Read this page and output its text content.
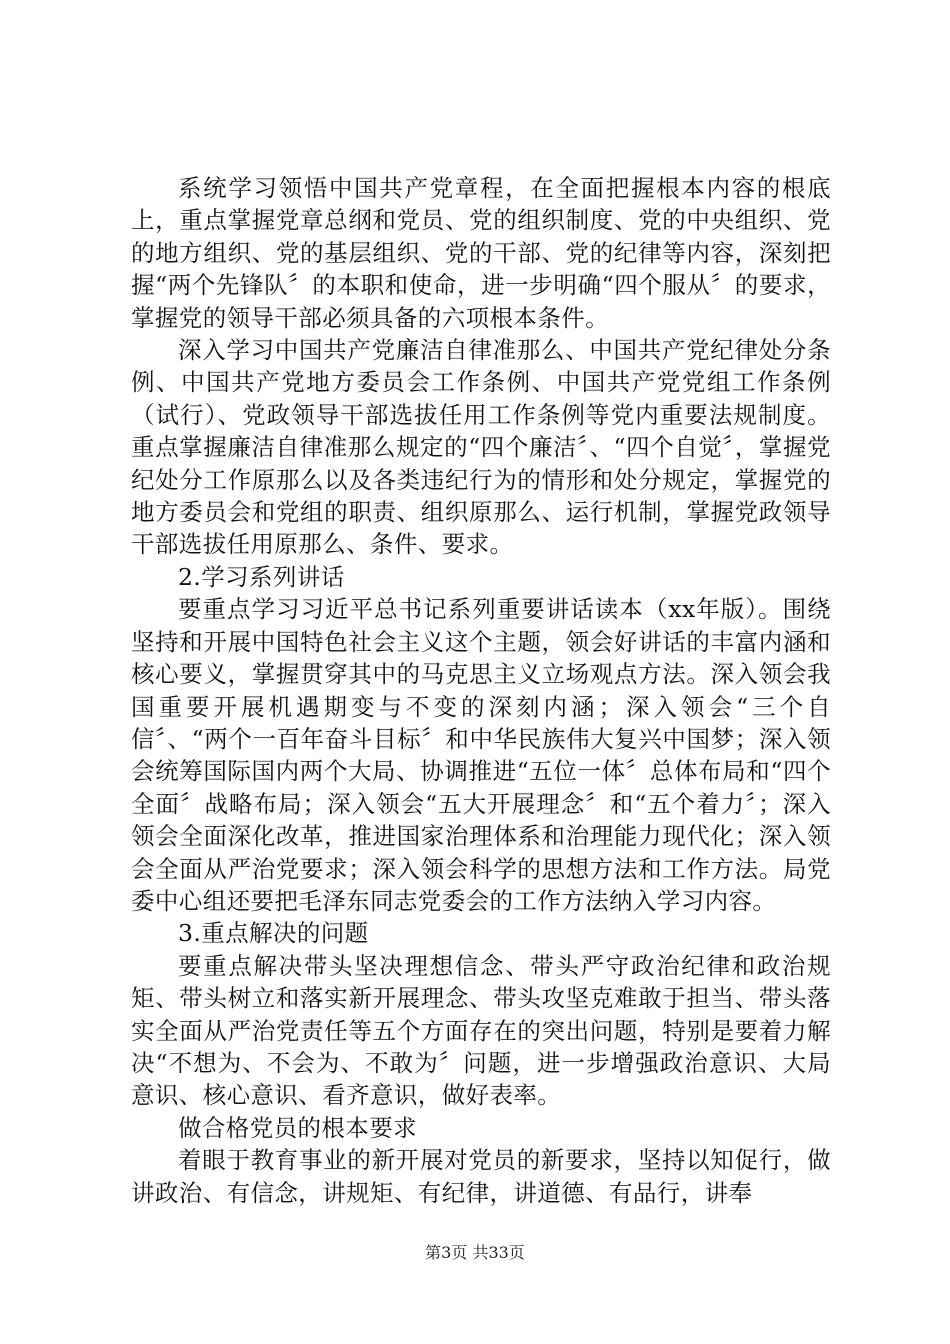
系统学习领悟中国共产党章程，在全面把握根本内容的根底上，重点掌握党章总纲和党员、党的组织制度、党的中央组织、党的地方组织、党的基层组织、党的干部、党的纪律等内容，深刻把握“两个先锋队〞的本职和使命，进一步明确“四个服从〞的要求，掌握党的领导干部必须具备的六项根本条件。

深入学习中国共产党廉洁自律准那么、中国共产党纪律处分条例、中国共产党地方委员会工作条例、中国共产党党组工作条例（试行）、党政领导干部选拔任用工作条例等党内重要法规制度。重点掌握廉洁自律准那么规定的“四个廉洁〞、“四个自觉〞，掌握党纪处分工作原那么以及各类违纪行为的情形和处分规定，掌握党的地方委员会和党组的职责、组织原那么、运行机制，掌握党政领导干部选拔任用原那么、条件、要求。

2.学习系列讲话

要重点学习习近平总书记系列重要讲话读本（xx年版）。围绕坚持和开展中国特色社会主义这个主题，领会好讲话的丰富内涵和核心要义，掌握贯穿其中的马克思主义立场观点方法。深入领会我国重要开展机遇期变与不变的深刻内涵；深入领会“三个自信〞、“两个一百年奋斗目标〞和中华民族伟大复兴中国梦；深入领会统筹国际国内两个大局、协调推进“五位一体〞总体布局和“四个全面〞战略布局；深入领会“五大开展理念〞和“五个着力〞；深入领会全面深化改革，推进国家治理体系和治理能力现代化；深入领会全面从严治党要求；深入领会科学的思想方法和工作方法。局党委中心组还要把毛泽东同志党委会的工作方法纳入学习内容。

3.重点解决的问题

要重点解决带头坚决理想信念、带头严守政治纪律和政治规矩、带头树立和落实新开展理念、带头攻坚克难敢于担当、带头落实全面从严治党责任等五个方面存在的突出问题，特别是要着力解决“不想为、不会为、不敢为〞问题，进一步增强政治意识、大局意识、核心意识、看齐意识，做好表率。

做合格党员的根本要求

着眼于教育事业的新开展对党员的新要求，坚持以知促行，做讲政治、有信念，讲规矩、有纪律，讲道德、有品行，讲奉

第3页 共33页
